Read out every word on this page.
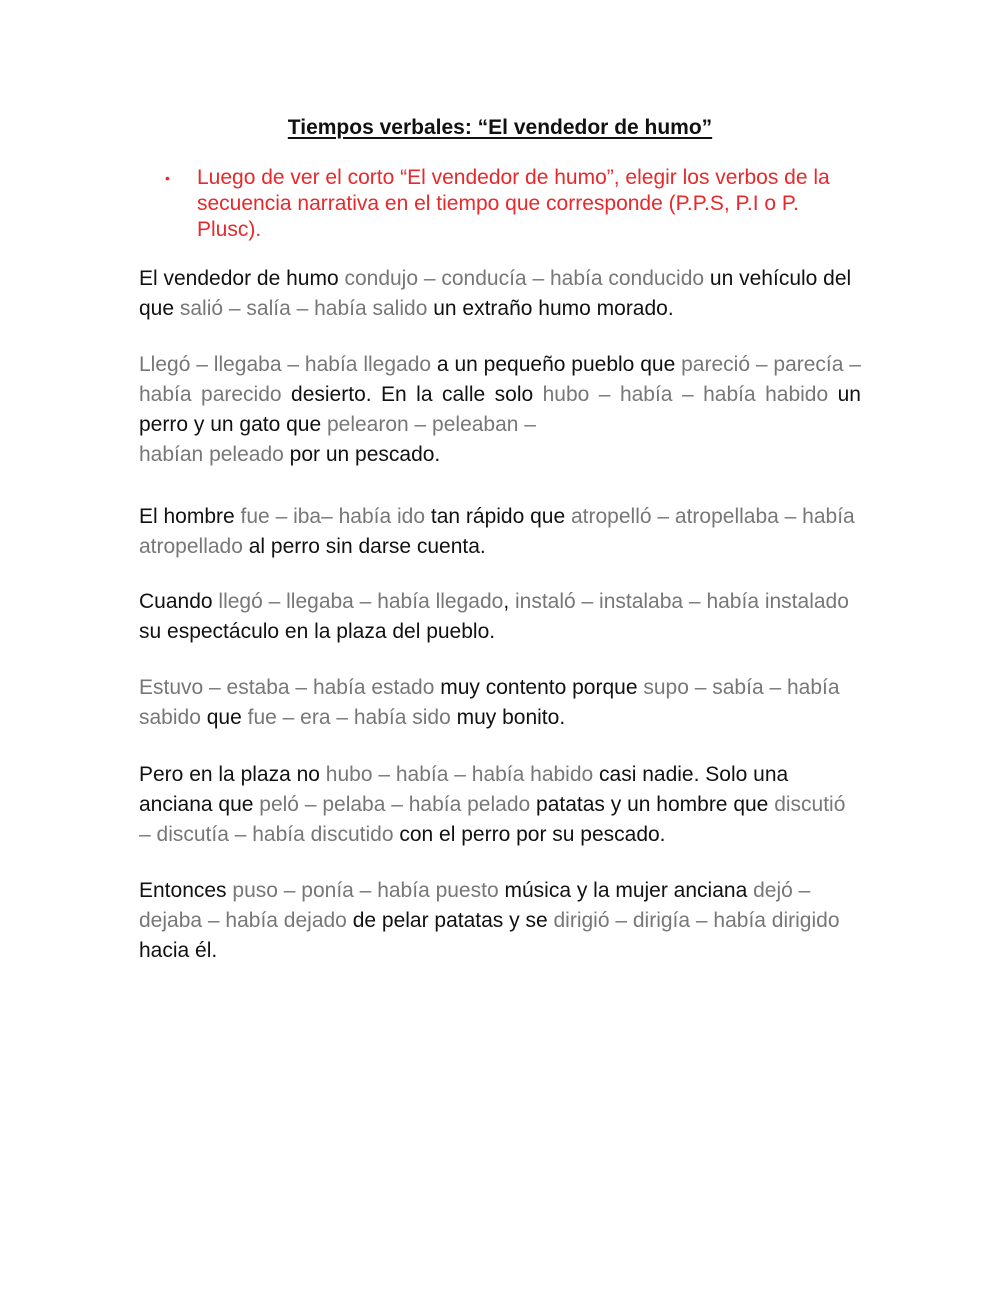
Tiempos verbales: “El vendedor de humo”
• Luego de ver el corto “El vendedor de humo”, elegir los verbos de la secuencia narrativa en el tiempo que corresponde (P.P.S, P.I o P. Plusc).

El vendedor de humo condujo – conducía – había conducido un vehículo del que salió – salía – había salido un extraño humo morado.

Llegó – llegaba – había llegado a un pequeño pueblo que pareció – parecía – había parecido desierto. En la calle solo hubo – había – había habido un perro y un gato que pelearon – peleaban –
habían peleado por un pescado.

El hombre fue – iba– había ido tan rápido que atropelló – atropellaba – había atropellado al perro sin darse cuenta.

Cuando llegó – llegaba – había llegado, instaló – instalaba – había instalado su espectáculo en la plaza del pueblo.

Estuvo – estaba – había estado muy contento porque supo – sabía – había sabido que fue – era – había sido muy bonito.

Pero en la plaza no hubo – había – había habido casi nadie. Solo una anciana que peló – pelaba – había pelado patatas y un hombre que discutió – discutía – había discutido con el perro por su pescado.

Entonces puso – ponía – había puesto música y la mujer anciana dejó – dejaba – había dejado de pelar patatas y se dirigió – dirigía – había dirigido hacia él.
